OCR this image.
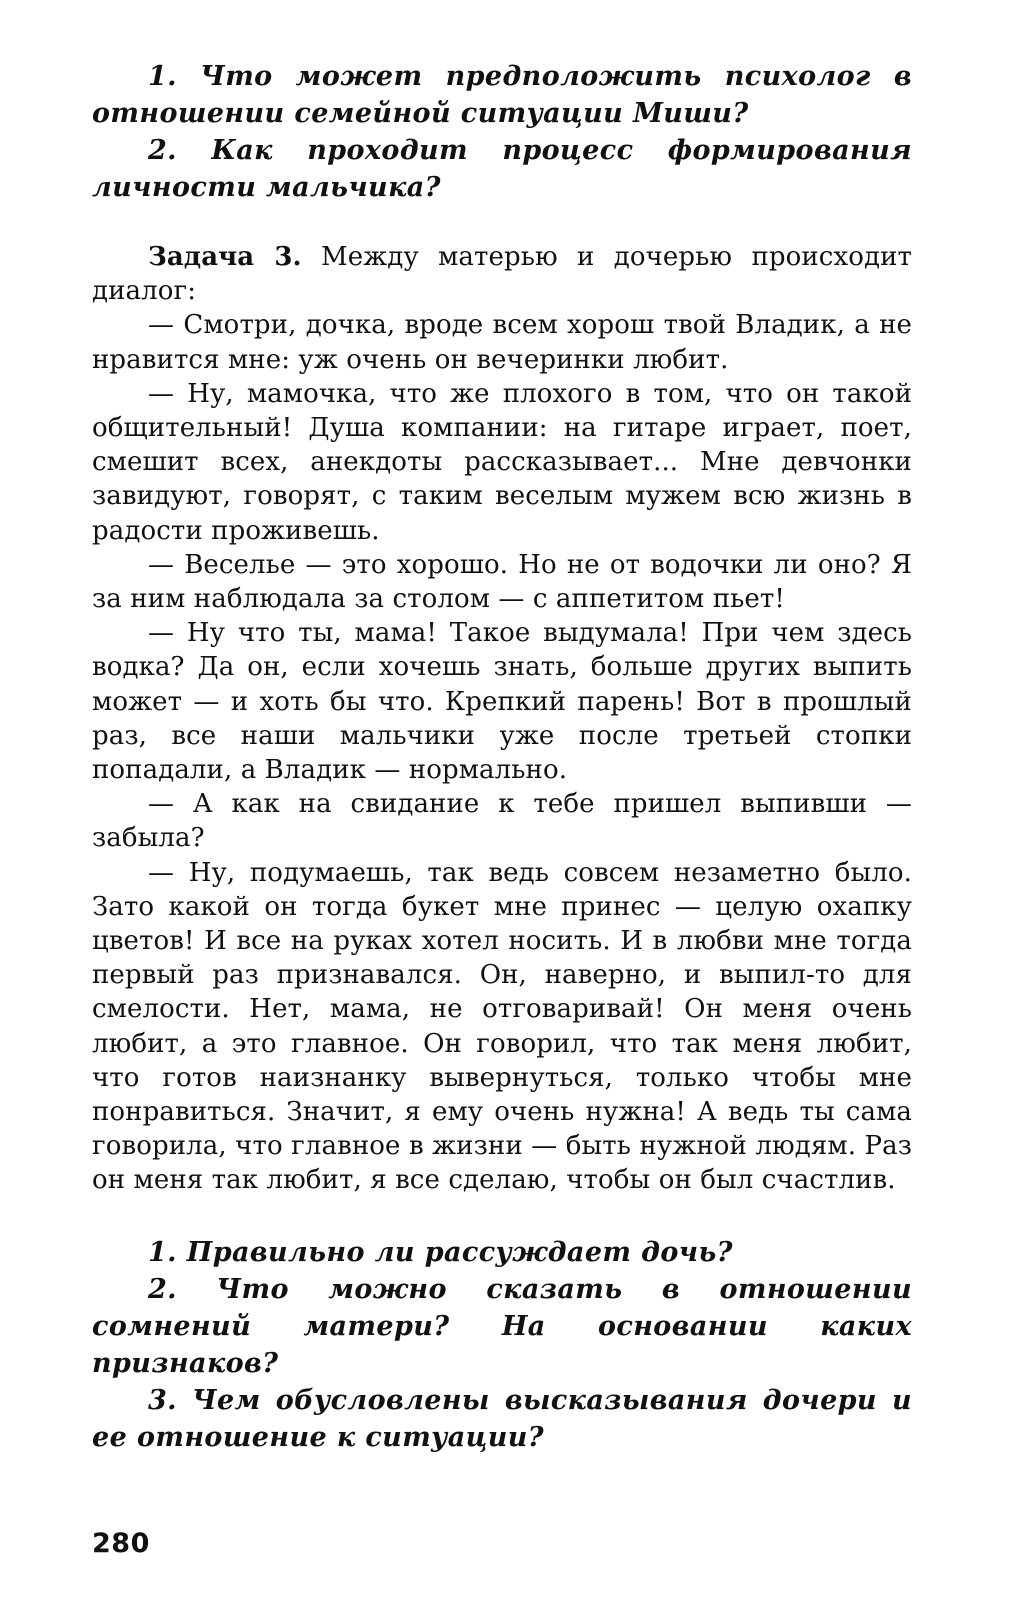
1. Что может предположить психолог в отношении семейной ситуации Миши?

2. Как проходит процесс формирования личности мальчика?

Задача 3. Между матерью и дочерью происходит диалог:

— Смотри, дочка, вроде всем хорош твой Владик, а не нравится мне: уж очень он вечеринки любит.

— Ну, мамочка, что же плохого в том, что он такой общительный! Душа компании: на гитаре играет, поет, смешит всех, анекдоты рассказывает... Мне девчонки завидуют, говорят, с таким веселым мужем всю жизнь в радости проживешь.

— Веселье — это хорошо. Но не от водочки ли оно? Я за ним наблюдала за столом — с аппетитом пьет!

— Ну что ты, мама! Такое выдумала! При чем здесь водка? Да он, если хочешь знать, больше других выпить может — и хоть бы что. Крепкий парень! Вот в прошлый раз, все наши мальчики уже после третьей стопки попадали, а Владик — нормально.

— А как на свидание к тебе пришел выпивши — забыла?

— Ну, подумаешь, так ведь совсем незаметно было. Зато какой он тогда букет мне принес — целую охапку цветов! И все на руках хотел носить. И в любви мне тогда первый раз признавался. Он, наверно, и выпил-то для смелости. Нет, мама, не отговаривай! Он меня очень любит, а это главное. Он говорил, что так меня любит, что готов наизнанку вывернуться, только чтобы мне понравиться. Значит, я ему очень нужна! А ведь ты сама говорила, что главное в жизни — быть нужной людям. Раз он меня так любит, я все сделаю, чтобы он был счастлив.

1. Правильно ли рассуждает дочь?

2. Что можно сказать в отношении сомнений матери? На основании каких признаков?

3. Чем обусловлены высказывания дочери и ее отношение к ситуации?

280
